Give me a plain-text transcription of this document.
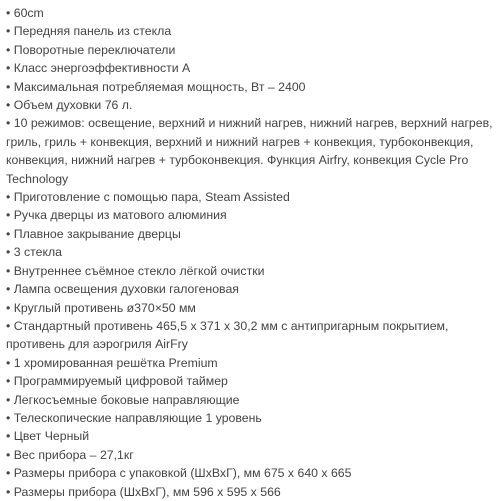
• 60cm
• Передняя панель из стекла
• Поворотные переключатели
• Класс энергоэффективности А
• Максимальная потребляемая мощность, Вт – 2400
• Объем духовки 76 л.
• 10 режимов: освещение, верхний и нижний нагрев, нижний нагрев, верхний нагрев, гриль, гриль + конвекция, верхний и нижний нагрев + конвекция, турбоконвекция, конвекция, нижний нагрев + турбоконвекция. Функция Airfry, конвекция Cycle Pro Technology
• Приготовление с помощью пара, Steam Assisted
• Ручка дверцы из матового алюминия
• Плавное закрывание дверцы
• 3 стекла
• Внутреннее съёмное стекло лёгкой очистки
• Лампа освещения духовки галогеновая
• Круглый противень ø370×50 мм
• Стандартный противень 465,5 x 371 x 30,2 мм с антипригарным покрытием, противень для аэрогриля AirFry
• 1 хромированная решётка Premium
• Программируемый цифровой таймер
• Легкосъемные боковые направляющие
• Телескопические направляющие 1 уровень
• Цвет Черный
• Вес прибора – 27,1кг
• Размеры прибора с упаковкой (ШхВхГ), мм 675 x 640 x 665
• Размеры прибора (ШхВхГ), мм 596 x 595 x 566
